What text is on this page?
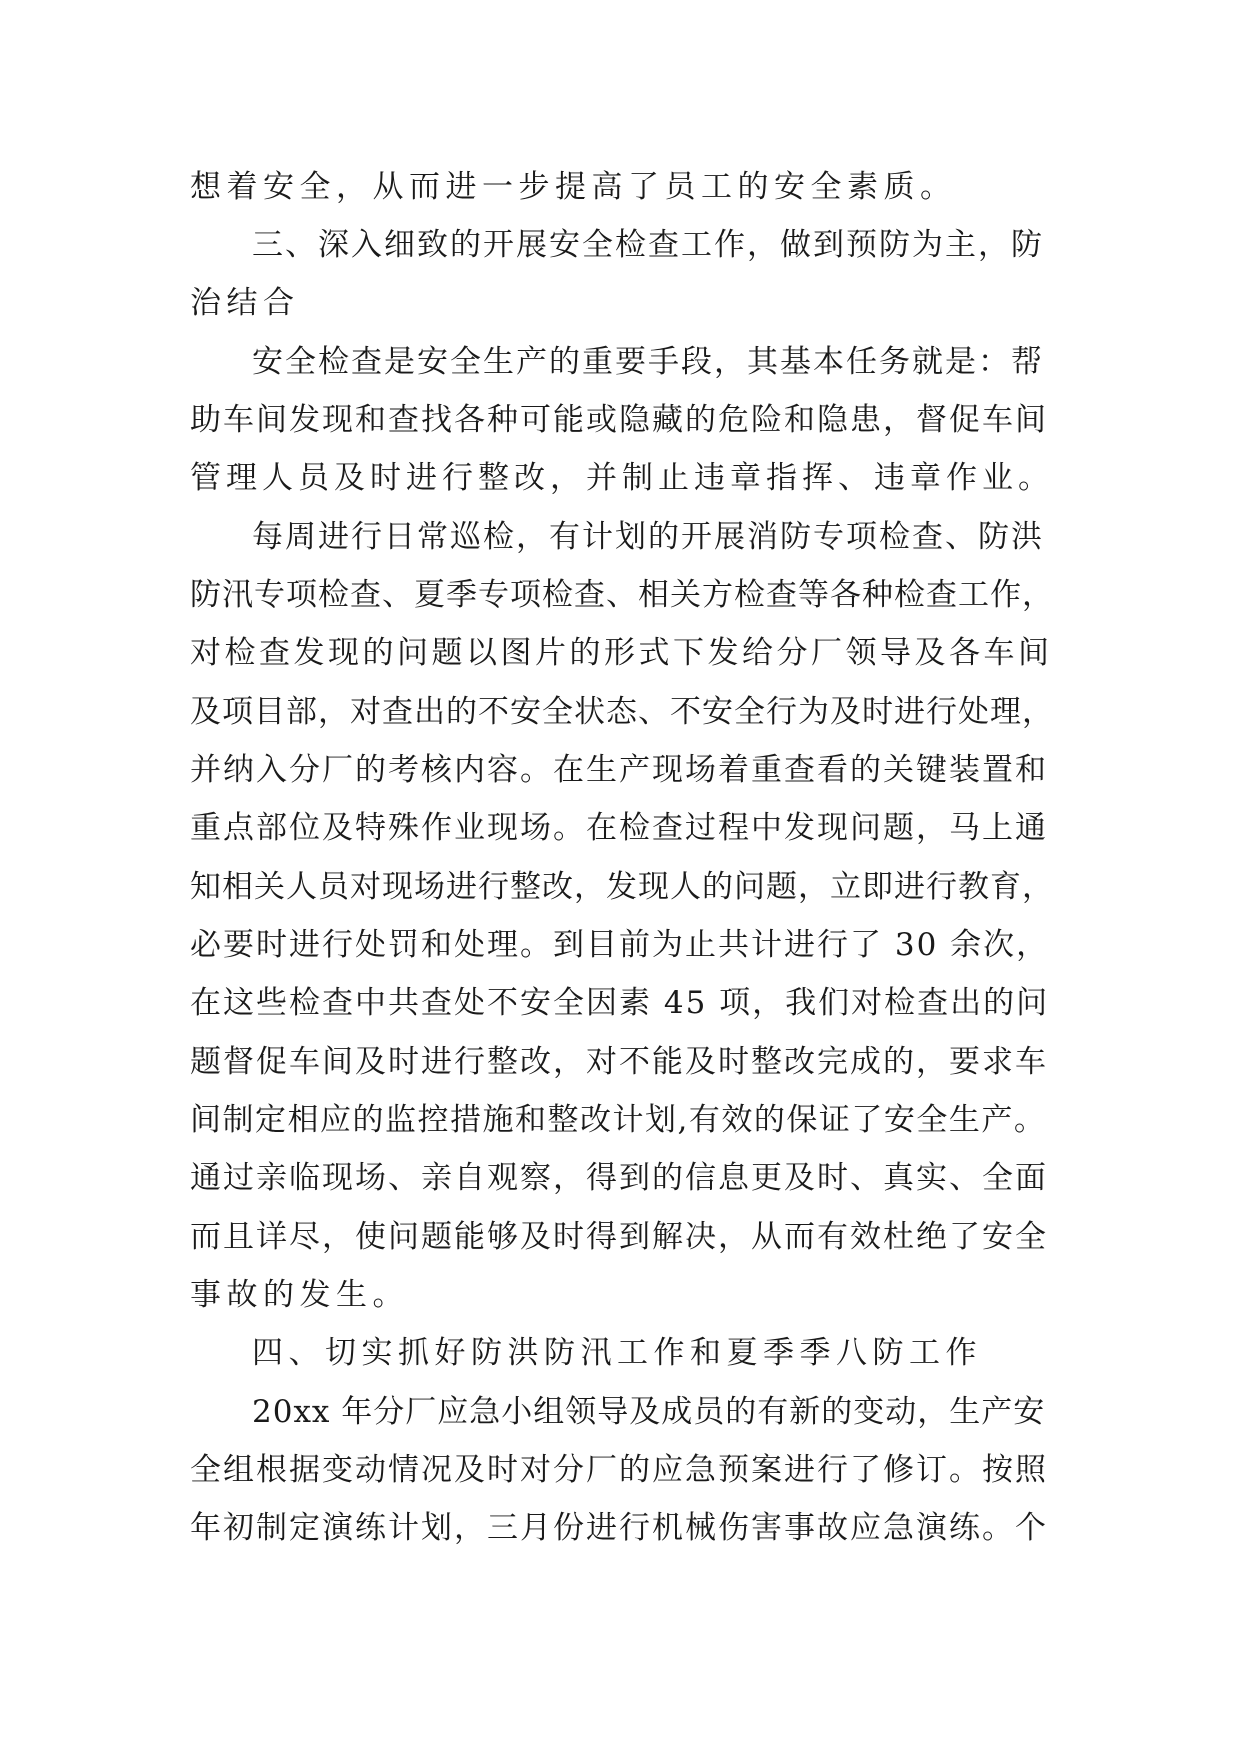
想着安全，从而进一步提高了员工的安全素质。
三、深入细致的开展安全检查工作，做到预防为主，防
治结合
安全检查是安全生产的重要手段，其基本任务就是：帮
助车间发现和查找各种可能或隐藏的危险和隐患，督促车间
管理人员及时进行整改，并制止违章指挥、违章作业。
每周进行日常巡检，有计划的开展消防专项检查、防洪
防汛专项检查、夏季专项检查、相关方检查等各种检查工作，
对检查发现的问题以图片的形式下发给分厂领导及各车间
及项目部，对查出的不安全状态、不安全行为及时进行处理，
并纳入分厂的考核内容。在生产现场着重查看的关键装置和
重点部位及特殊作业现场。在检查过程中发现问题，马上通
知相关人员对现场进行整改，发现人的问题，立即进行教育，
必要时进行处罚和处理。到目前为止共计进行了 30 余次，
在这些检查中共查处不安全因素 45 项，我们对检查出的问
题督促车间及时进行整改，对不能及时整改完成的，要求车
间制定相应的监控措施和整改计划,有效的保证了安全生产。
通过亲临现场、亲自观察，得到的信息更及时、真实、全面
而且详尽，使问题能够及时得到解决，从而有效杜绝了安全
事故的发生。
四、切实抓好防洪防汛工作和夏季季八防工作
20xx 年分厂应急小组领导及成员的有新的变动，生产安
全组根据变动情况及时对分厂的应急预案进行了修订。按照
年初制定演练计划，三月份进行机械伤害事故应急演练。个
